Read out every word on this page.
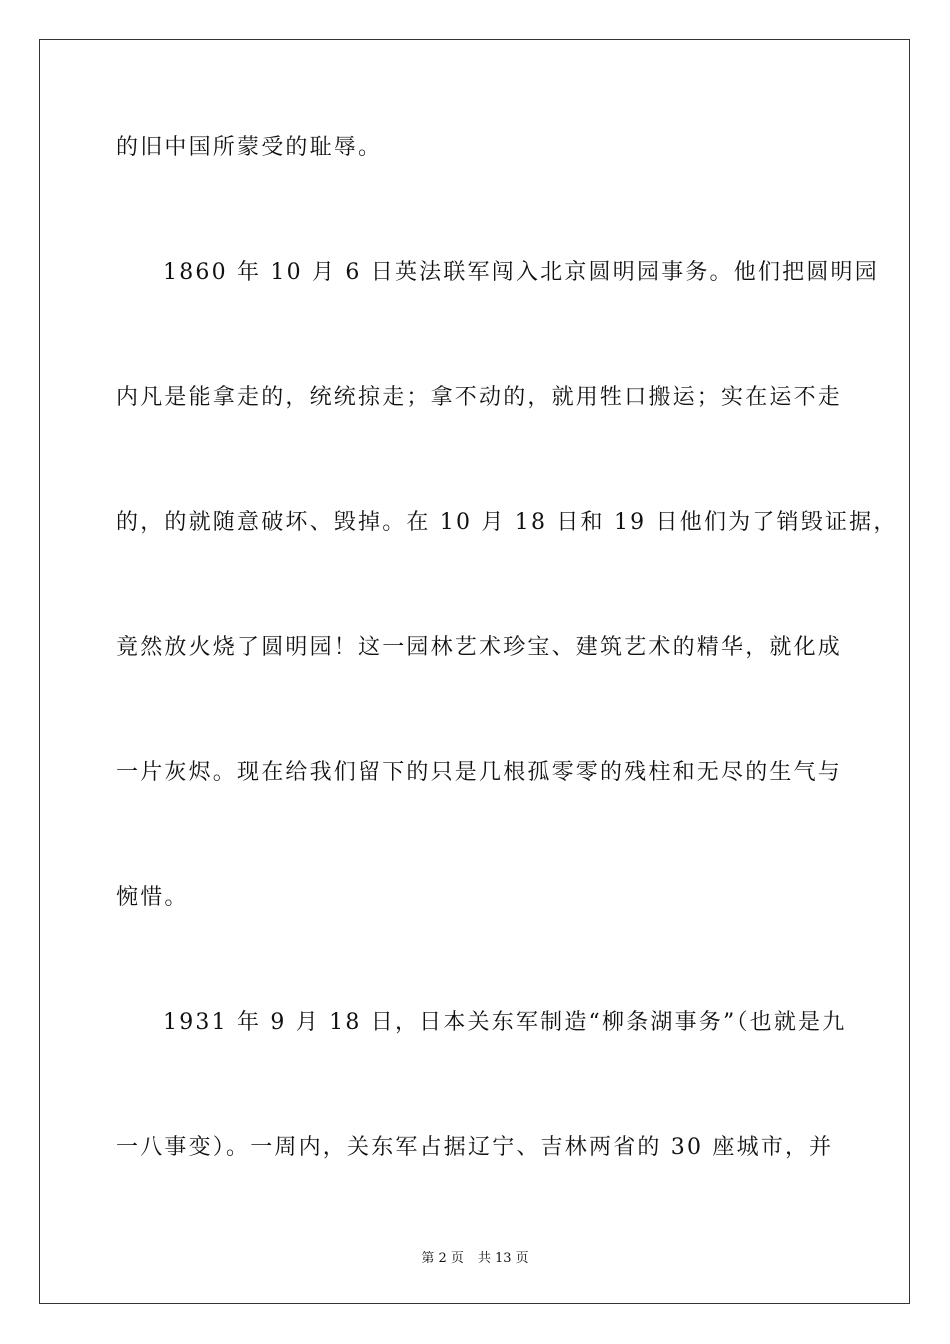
的旧中国所蒙受的耻辱。
1860 年 10 月 6 日英法联军闯入北京圆明园事务。他们把圆明园
内凡是能拿走的，统统掠走；拿不动的，就用牲口搬运；实在运不走
的，的就随意破坏、毁掉。在 10 月 18 日和 19 日他们为了销毁证据，
竟然放火烧了圆明园！这一园林艺术珍宝、建筑艺术的精华，就化成
一片灰烬。现在给我们留下的只是几根孤零零的残柱和无尽的生气与
惋惜。
1931 年 9 月 18 日，日本关东军制造“柳条湖事务”（也就是九
一八事变）。一周内，关东军占据辽宁、吉林两省的 30 座城市，并
第 2 页 共 13 页
